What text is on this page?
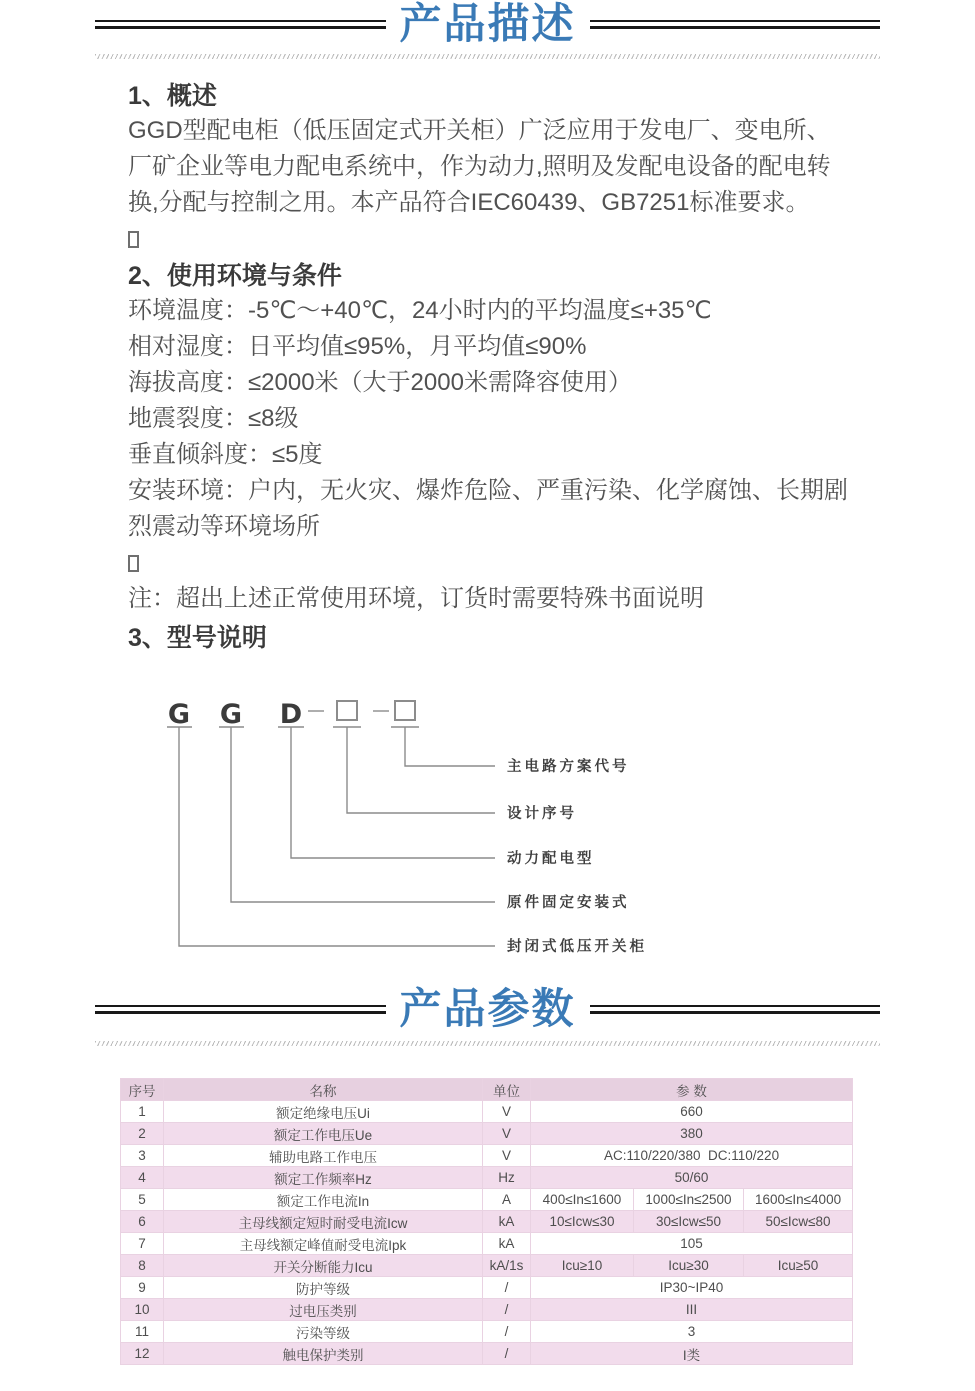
产品描述
1、概述
GGD型配电柜（低压固定式开关柜）广泛应用于发电厂、变电所、
厂矿企业等电力配电系统中，作为动力,照明及发配电设备的配电转
换,分配与控制之用。本产品符合IEC60439、GB7251标准要求。
2、使用环境与条件
环境温度：-5℃～+40℃，24小时内的平均温度≤+35℃
相对湿度：日平均值≤95%，月平均值≤90%
海拔高度：≤2000米（大于2000米需降容使用）
地震裂度：≤8级
垂直倾斜度：≤5度
安装环境：户内，无火灾、爆炸危险、严重污染、化学腐蚀、长期剧
烈震动等环境场所
注：超出上述正常使用环境，订货时需要特殊书面说明
3、型号说明
G G D
主电路方案代号
设计序号
动力配电型
原件固定安装式
封闭式低压开关柜
产品参数
序号	名称	单位	参 数		
1	额定绝缘电压Ui	V	660		
2	额定工作电压Ue	V	380		
3	辅助电路工作电压	V	AC:110/220/380  DC:110/220		
4	额定工作频率Hz	Hz	50/60		
5	额定工作电流In	A	400≤In≤1600	1000≤In≤2500	1600≤In≤4000
6	主母线额定短时耐受电流Icw	kA	10≤Icw≤30	30≤Icw≤50	50≤Icw≤80
7	主母线额定峰值耐受电流Ipk	kA	105		
8	开关分断能力Icu	kA/1s	Icu≥10	Icu≥30	Icu≥50
9	防护等级	/	IP30~IP40		
10	过电压类别	/	III		
11	污染等级	/	3		
12	触电保护类别	/	I类		
